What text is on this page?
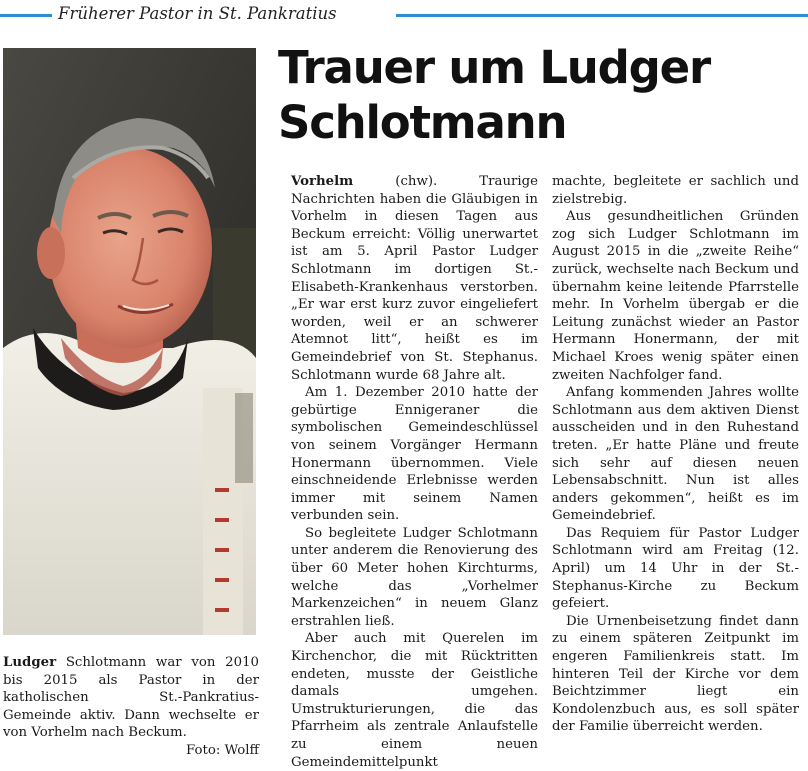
Früherer Pastor in St. Pankratius
Trauer um Ludger
Schlotmann
Ludger Schlotmann war von 2010 bis 2015 als Pastor in der katholischen St.-Pankratius-Gemeinde aktiv. Dann wechselte er von Vorhelm nach Beckum.
Foto: Wolff

Vorhelm (chw). Traurige Nachrichten haben die Gläubigen in Vorhelm in diesen Tagen aus Beckum erreicht: Völlig unerwartet ist am 5. April Pastor Ludger Schlotmann im dortigen St.-Elisabeth-Krankenhaus verstorben. „Er war erst kurz zuvor eingeliefert worden, weil er an schwerer Atemnot litt“, heißt es im Gemeindebrief von St. Stephanus. Schlotmann wurde 68 Jahre alt.

Am 1. Dezember 2010 hatte der gebürtige Ennigeraner die symbolischen Gemeindeschlüssel von seinem Vorgänger Hermann Honermann übernommen. Viele einschneidende Erlebnisse werden immer mit seinem Namen verbunden sein.

So begleitete Ludger Schlotmann unter anderem die Renovierung des über 60 Meter hohen Kirchturms, welche das „Vorhelmer Markenzeichen“ in neuem Glanz erstrahlen ließ.

Aber auch mit Querelen im Kirchenchor, die mit Rücktritten endeten, musste der Geistliche damals umgehen. Umstrukturierungen, die das Pfarrheim als zentrale Anlaufstelle zu einem neuen Gemeindemittelpunkt

machte, begleitete er sachlich und zielstrebig.

Aus gesundheitlichen Gründen zog sich Ludger Schlotmann im August 2015 in die „zweite Reihe“ zurück, wechselte nach Beckum und übernahm keine leitende Pfarrstelle mehr. In Vorhelm übergab er die Leitung zunächst wieder an Pastor Hermann Honermann, der mit Michael Kroes wenig später einen zweiten Nachfolger fand.

Anfang kommenden Jahres wollte Schlotmann aus dem aktiven Dienst ausscheiden und in den Ruhestand treten. „Er hatte Pläne und freute sich sehr auf diesen neuen Lebensabschnitt. Nun ist alles anders gekommen“, heißt es im Gemeindebrief.

Das Requiem für Pastor Ludger Schlotmann wird am Freitag (12. April) um 14 Uhr in der St.-Stephanus-Kirche zu Beckum gefeiert.

Die Urnenbeisetzung findet dann zu einem späteren Zeitpunkt im engeren Familienkreis statt. Im hinteren Teil der Kirche vor dem Beichtzimmer liegt ein Kondolenzbuch aus, es soll später der Familie überreicht werden.
